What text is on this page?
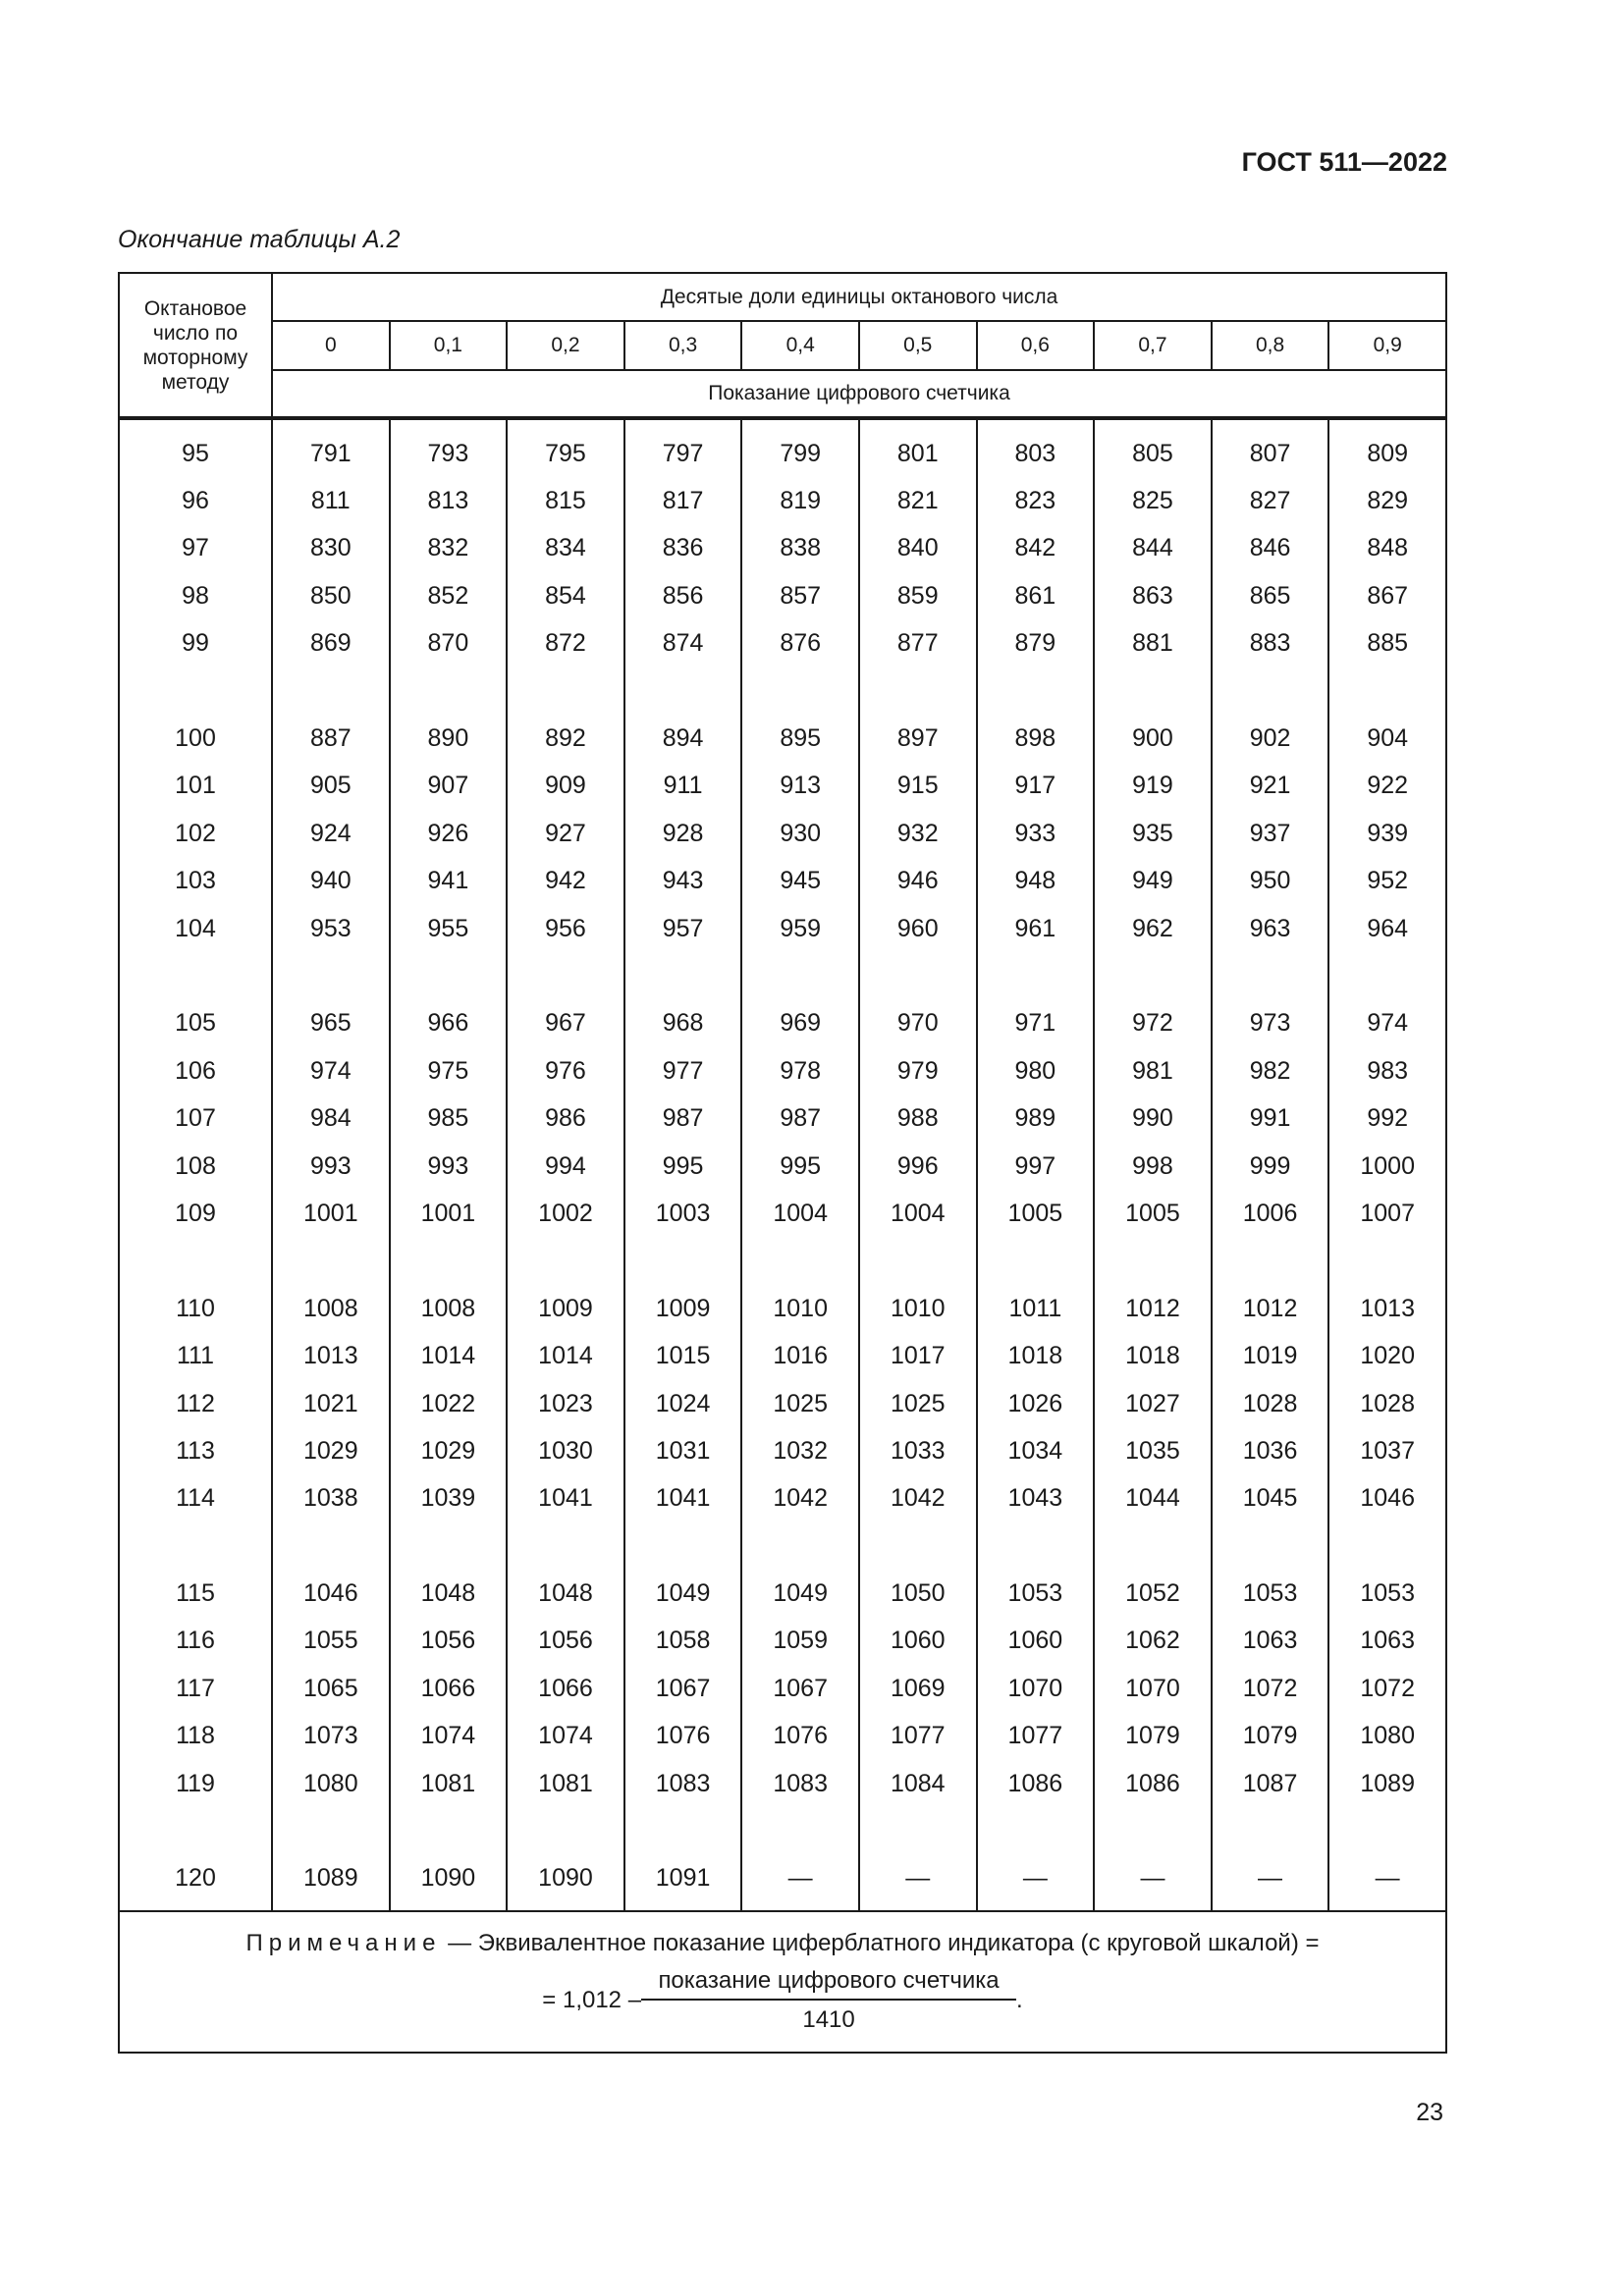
ГОСТ 511—2022
Окончание таблицы А.2
Октановое число по моторному методу	Десятые доли единицы октанового числа									
	0	0,1	0,2	0,3	0,4	0,5	0,6	0,7	0,8	0,9
	Показание цифрового счетчика									
95	791	793	795	797	799	801	803	805	807	809
96	811	813	815	817	819	821	823	825	827	829
97	830	832	834	836	838	840	842	844	846	848
98	850	852	854	856	857	859	861	863	865	867
99	869	870	872	874	876	877	879	881	883	885

100	887	890	892	894	895	897	898	900	902	904
101	905	907	909	911	913	915	917	919	921	922
102	924	926	927	928	930	932	933	935	937	939
103	940	941	942	943	945	946	948	949	950	952
104	953	955	956	957	959	960	961	962	963	964

105	965	966	967	968	969	970	971	972	973	974
106	974	975	976	977	978	979	980	981	982	983
107	984	985	986	987	987	988	989	990	991	992
108	993	993	994	995	995	996	997	998	999	1000
109	1001	1001	1002	1003	1004	1004	1005	1005	1006	1007

110	1008	1008	1009	1009	1010	1010	1011	1012	1012	1013
111	1013	1014	1014	1015	1016	1017	1018	1018	1019	1020
112	1021	1022	1023	1024	1025	1025	1026	1027	1028	1028
113	1029	1029	1030	1031	1032	1033	1034	1035	1036	1037
114	1038	1039	1041	1041	1042	1042	1043	1044	1045	1046

115	1046	1048	1048	1049	1049	1050	1053	1052	1053	1053
116	1055	1056	1056	1058	1059	1060	1060	1062	1063	1063
117	1065	1066	1066	1067	1067	1069	1070	1070	1072	1072
118	1073	1074	1074	1076	1076	1077	1077	1079	1079	1080
119	1080	1081	1081	1083	1083	1084	1086	1086	1087	1089

120	1089	1090	1090	1091	—	—	—	—	—	—

Примечание — Эквивалентное показание циферблатного индикатора (с круговой шкалой) =
= $1,012 - \frac{\text{показание цифрового счетчика}}{1410}$ .										
23
